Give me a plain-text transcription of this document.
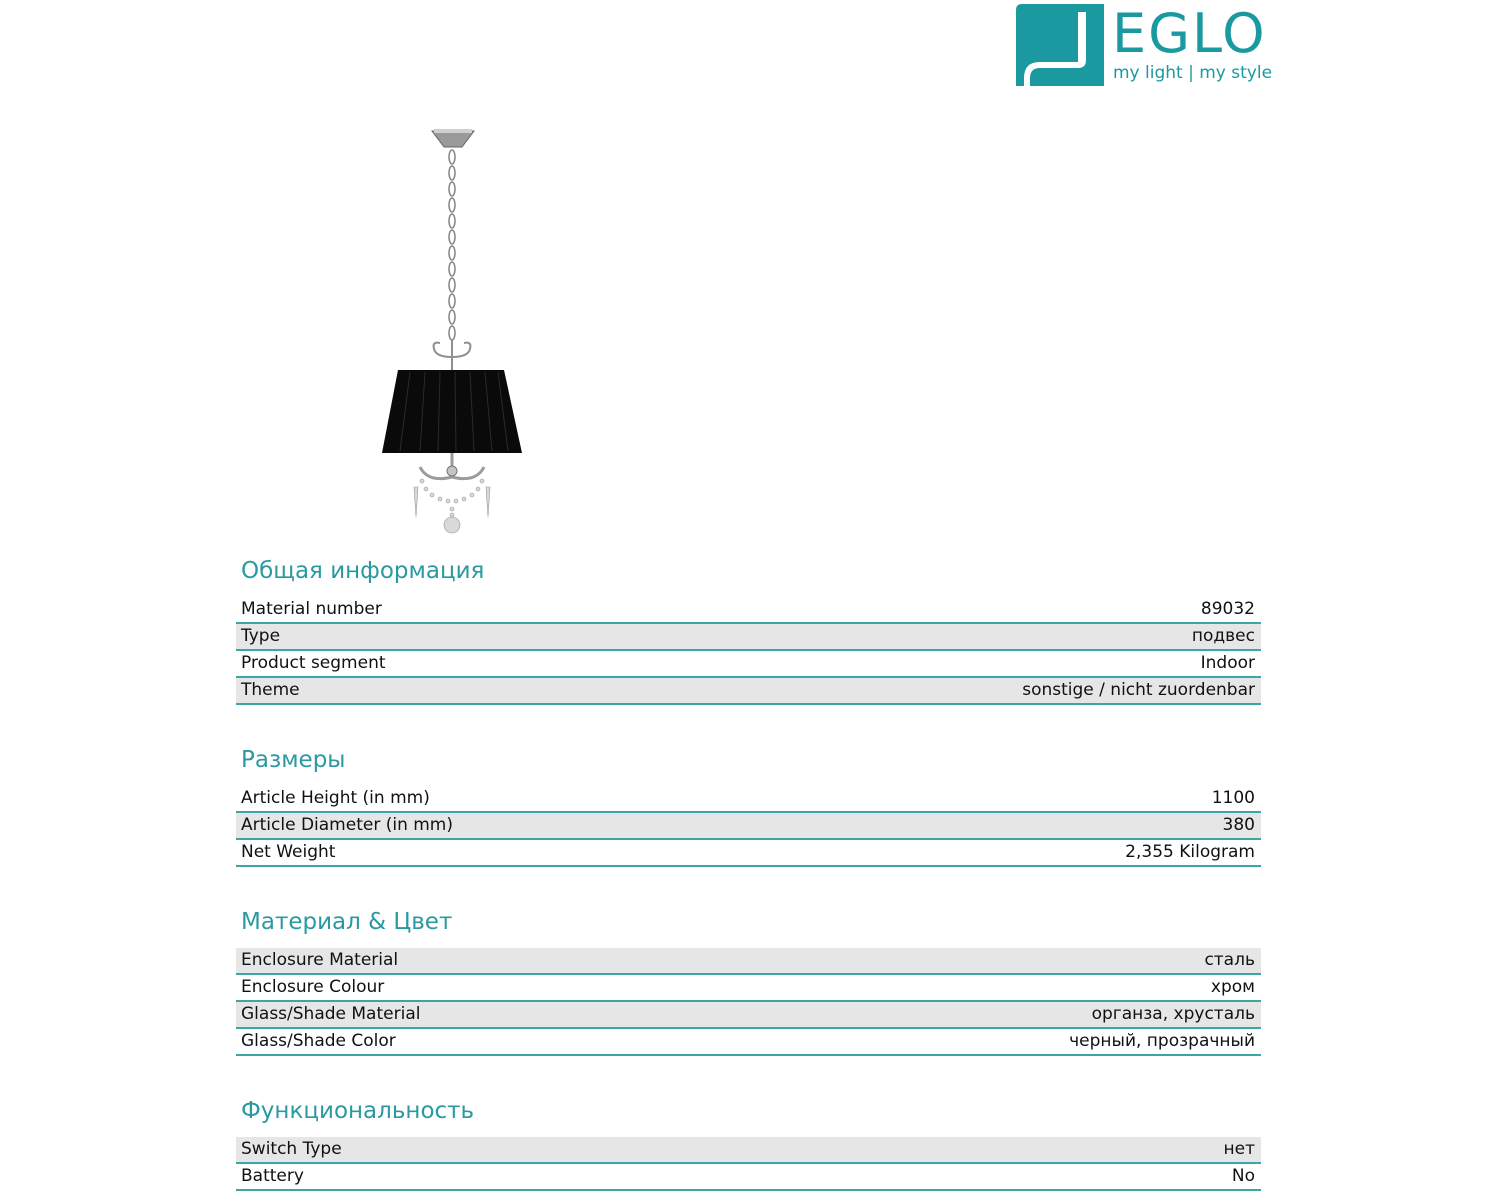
EGLO
my light | my style
Общая информация
Material number	89032
Type	подвес
Product segment	Indoor
Theme	sonstige / nicht zuordenbar
Размеры
Article Height (in mm)	1100
Article Diameter (in mm)	380
Net Weight	2,355 Kilogram
Материал & Цвет
Enclosure Material	сталь
Enclosure Colour	хром
Glass/Shade Material	органза, хрусталь
Glass/Shade Color	черный, прозрачный
Функциональность
Switch Type	нет
Battery	No
